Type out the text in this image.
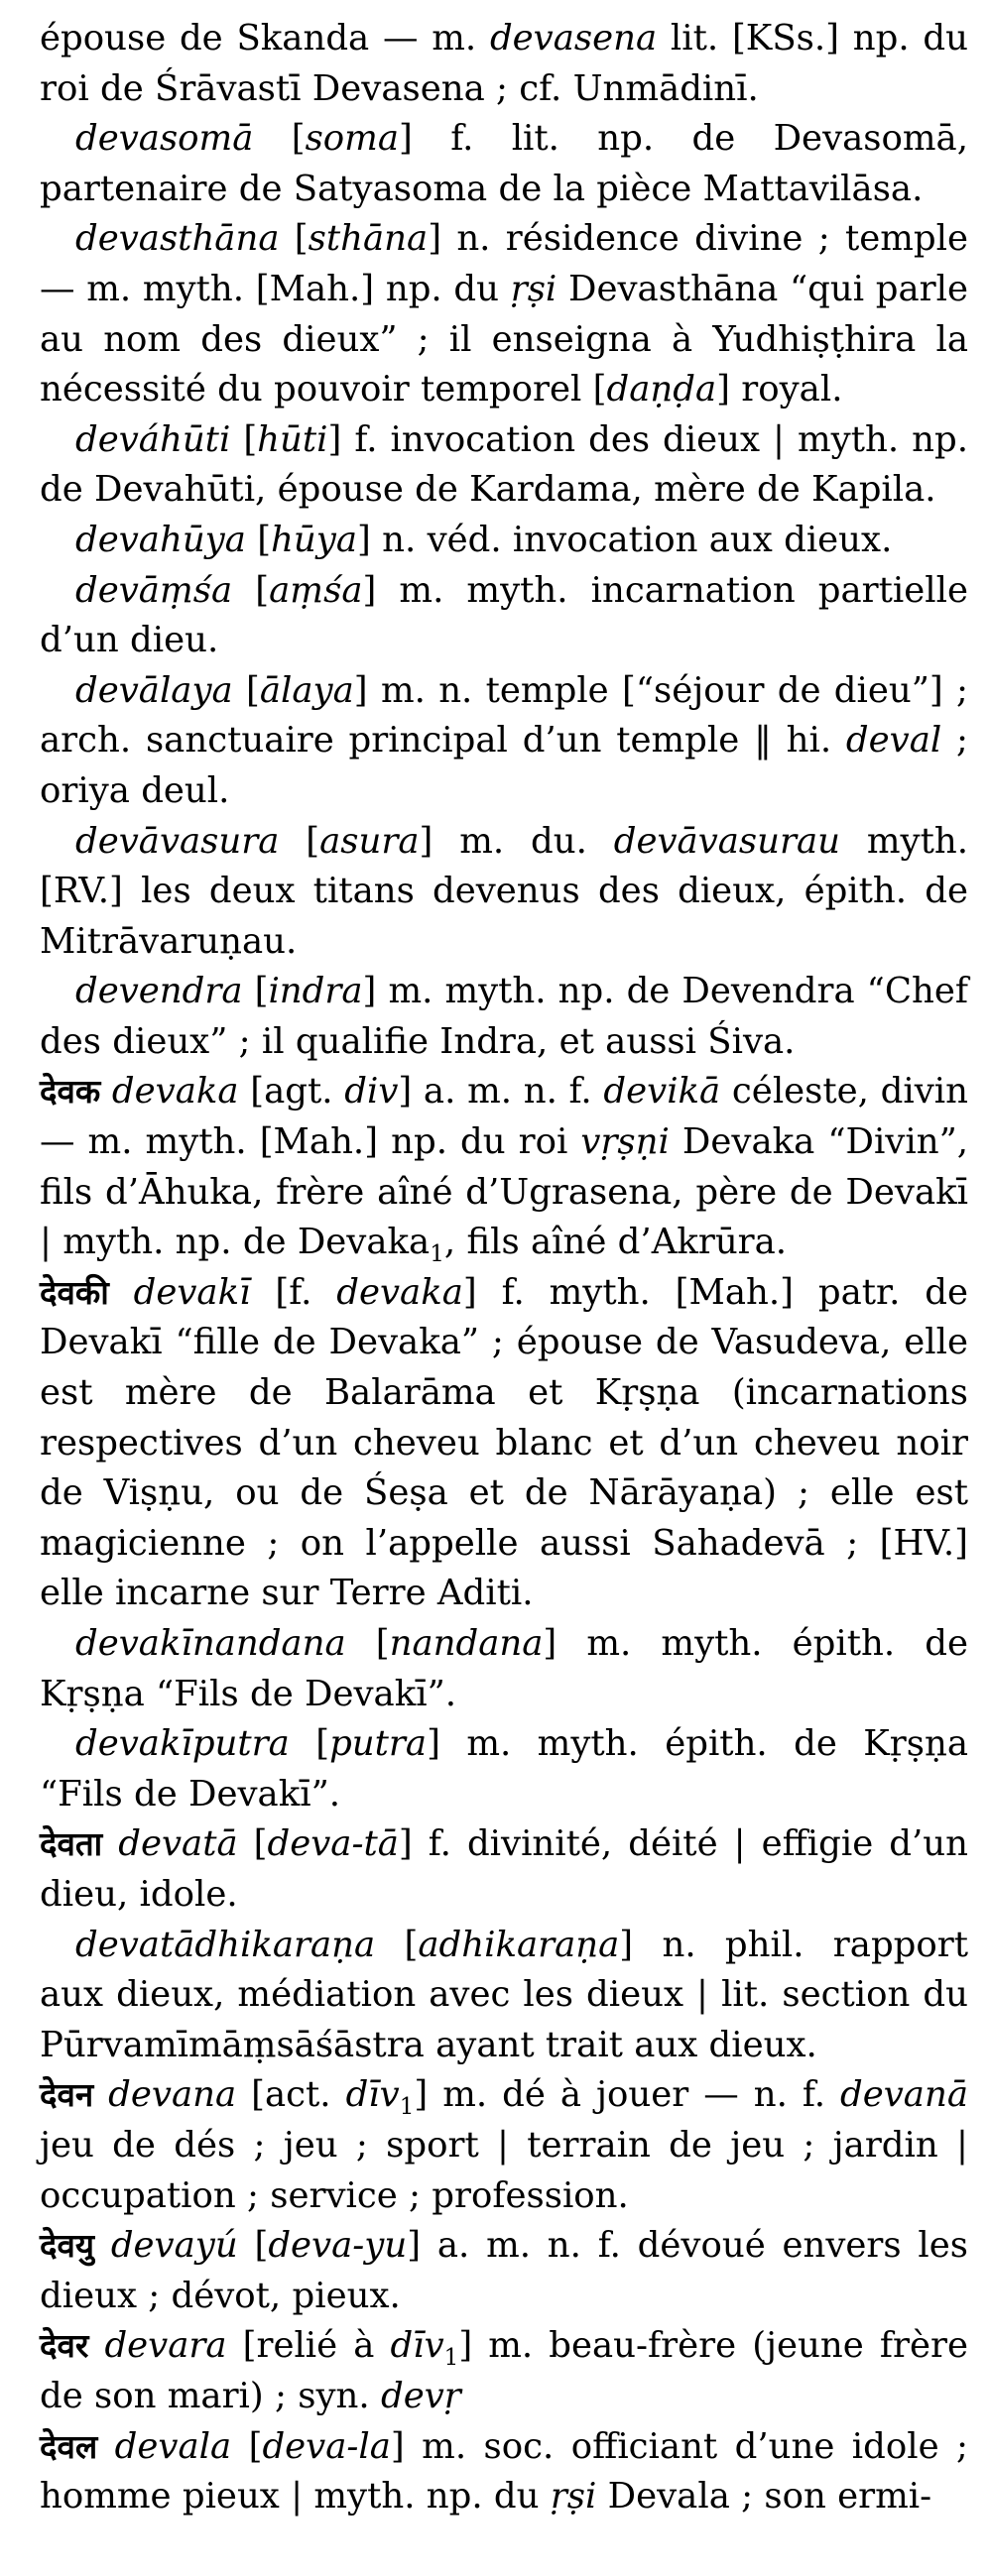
épouse de Skanda — m. devasena lit. [KSs.] np. du roi de Śrāvastī Devasena ; cf. Unmādinī.

devasomā [soma] f. lit. np. de Devasomā, partenaire de Satyasoma de la pièce Mattavilāsa.

devasthāna [sthāna] n. résidence divine ; temple — m. myth. [Mah.] np. du ṛṣi Devasthāna “qui parle au nom des dieux” ; il enseigna à Yudhiṣṭhira la nécessité du pouvoir temporel [daṇḍa] royal.

deváhūti [hūti] f. invocation des dieux | myth. np. de Devahūti, épouse de Kardama, mère de Kapila.

devahūya [hūya] n. véd. invocation aux dieux.

devāṃśa [aṃśa] m. myth. incarnation partielle d’un dieu.

devālaya [ālaya] m. n. temple [“séjour de dieu”] ; arch. sanctuaire principal d’un temple ‖ hi. deval ; oriya deul.

devāvasura [asura] m. du. devāvasurau myth. [RV.] les deux titans devenus des dieux, épith. de Mitrāvaruṇau.

devendra [indra] m. myth. np. de Devendra “Chef des dieux” ; il qualifie Indra, et aussi Śiva.

देवक devaka [agt. div] a. m. n. f. devikā céleste, divin — m. myth. [Mah.] np. du roi vṛṣṇi Devaka “Divin”, fils d’Āhuka, frère aîné d’Ugrasena, père de Devakī | myth. np. de Devaka$_1$, fils aîné d’Akrūra.

देवकी devakī [f. devaka] f. myth. [Mah.] patr. de Devakī “fille de Devaka” ; épouse de Vasudeva, elle est mère de Balarāma et Kṛṣṇa (incarnations respectives d’un cheveu blanc et d’un cheveu noir de Viṣṇu, ou de Śeṣa et de Nārāyaṇa) ; elle est magicienne ; on l’appelle aussi Sahadevā ; [HV.] elle incarne sur Terre Aditi.

devakīnandana [nandana] m. myth. épith. de Kṛṣṇa “Fils de Devakī”.

devakīputra [putra] m. myth. épith. de Kṛṣṇa “Fils de Devakī”.

देवता devatā [deva-tā] f. divinité, déité | effigie d’un dieu, idole.

devatādhikaraṇa [adhikaraṇa] n. phil. rapport aux dieux, médiation avec les dieux | lit. section du Pūrvamīmāṃsāśāstra ayant trait aux dieux.

देवन devana [act. dīv$_1$] m. dé à jouer — n. f. devanā jeu de dés ; jeu ; sport | terrain de jeu ; jardin | occupation ; service ; profession.

देवयु devayú [deva-yu] a. m. n. f. dévoué envers les dieux ; dévot, pieux.

देवर devara [relié à dīv$_1$] m. beau-frère (jeune frère de son mari) ; syn. devṛ

देवल devala [deva-la] m. soc. officiant d’une idole ; homme pieux | myth. np. du ṛṣi Devala ; son ermi-
